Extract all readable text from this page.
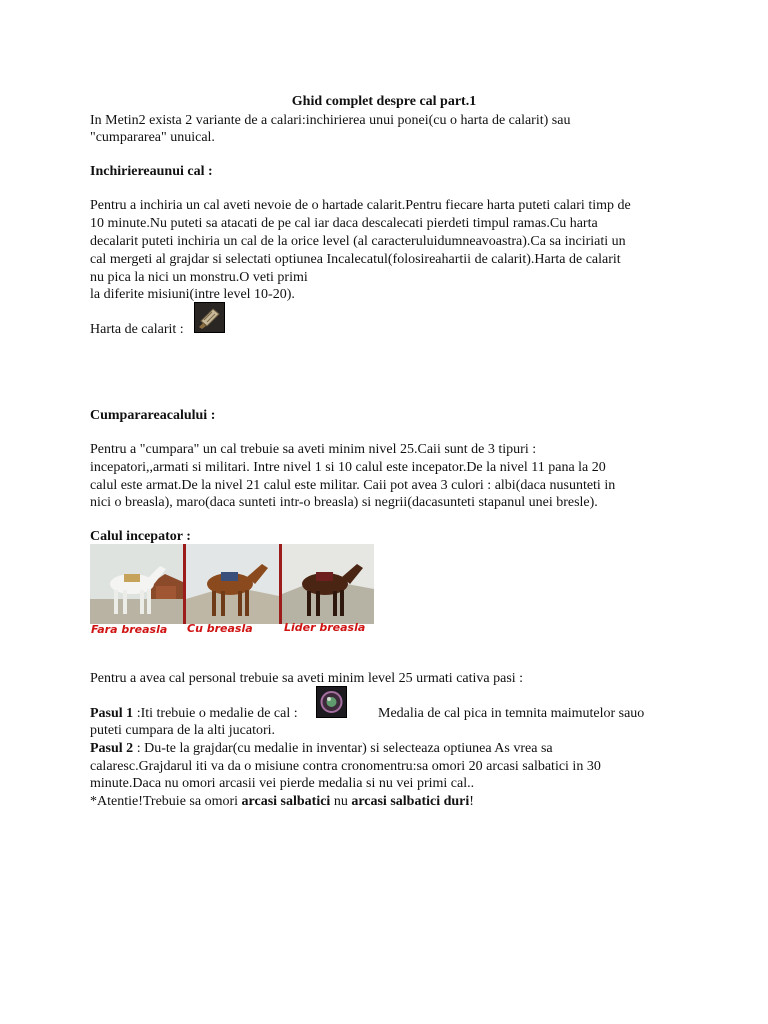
Ghid complet despre cal part.1
In Metin2 exista 2 variante de a calari:inchirierea unui ponei(cu o harta de calarit) sau
"cumpararea" unuical.
Inchiriereaunui cal :
Pentru a inchiria un cal aveti nevoie de o hartade calarit.Pentru fiecare harta puteti calari timp de
10 minute.Nu puteti sa atacati de pe cal iar daca descalecati pierdeti timpul ramas.Cu harta
decalarit puteti inchiria un cal de la orice level (al caracteruluidumneavoastra).Ca sa inciriati un
cal mergeti al grajdar si selectati optiunea Incalecatul(folosireahartii de calarit).Harta de calarit
nu pica la nici un monstru.O veti primi
la diferite misiuni(intre level 10-20).
Harta de calarit :
Cumparareacalului :
Pentru a "cumpara" un cal trebuie sa aveti minim nivel 25.Caii sunt de 3 tipuri :
incepatori,,armati si militari. Intre nivel 1 si 10 calul este incepator.De la nivel 11 pana la 20
calul este armat.De la nivel 21 calul este militar. Caii pot avea 3 culori : albi(daca nusunteti in
nici o breasla), maro(daca sunteti intr-o breasla) si negrii(dacasunteti stapanul unei bresle).
Calul incepator :
Fara breasla Cu breasla	Lider breasla
Pentru a avea cal personal trebuie sa aveti minim level 25 urmati cativa pasi :
Pasul 1 :Iti trebuie o medalie de cal :	Medalia de cal pica in temnita maimutelor sauo
puteti cumpara de la alti jucatori.
Pasul 2 : Du-te la grajdar(cu medalie in inventar) si selecteaza optiunea As vrea sa
calaresc.Grajdarul iti va da o misiune contra cronomentru:sa omori 20 arcasi salbatici in 30
minute.Daca nu omori arcasii vei pierde medalia si nu vei primi cal..
*Atentie!Trebuie sa omori arcasi salbatici nu arcasi salbatici duri!
